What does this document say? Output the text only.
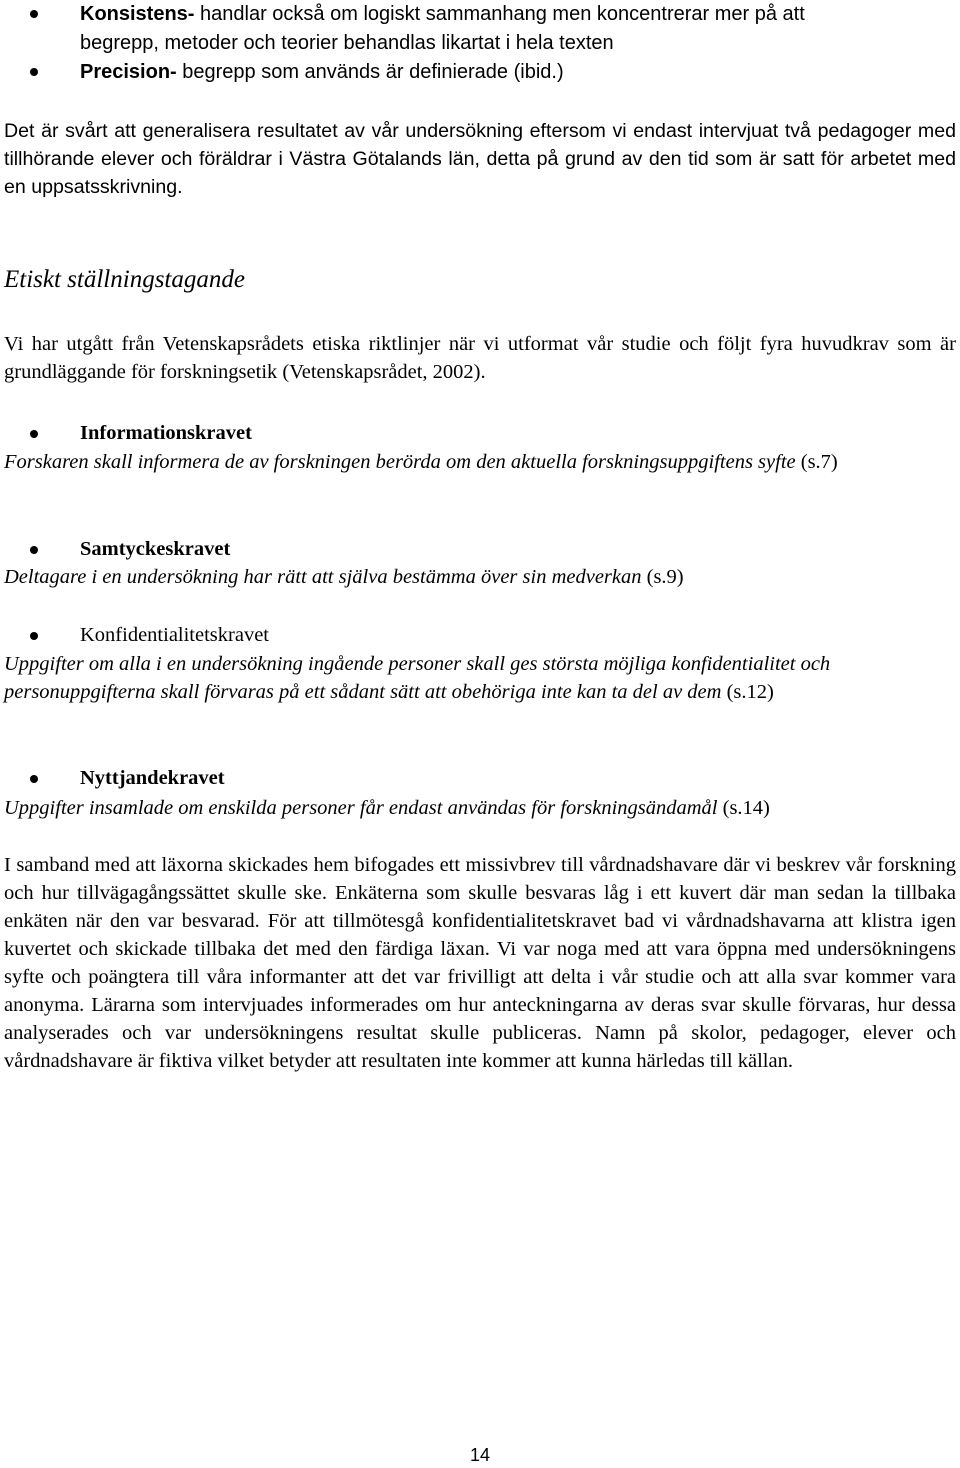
Konsistens- handlar också om logiskt sammanhang men koncentrerar mer på att
begrepp, metoder och teorier behandlas likartat i hela texten
Precision- begrepp som används är definierade (ibid.)

Det är svårt att generalisera resultatet av vår undersökning eftersom vi endast intervjuat två pedagoger med tillhörande elever och föräldrar i Västra Götalands län, detta på grund av den tid som är satt för arbetet med en uppsatsskrivning.

Etiskt ställningstagande

Vi har utgått från Vetenskapsrådets etiska riktlinjer när vi utformat vår studie och följt fyra huvudkrav som är grundläggande för forskningsetik (Vetenskapsrådet, 2002).

Informationskravet

Forskaren skall informera de av forskningen berörda om den aktuella forskningsuppgiftens syfte (s.7)

Samtyckeskravet

Deltagare i en undersökning har rätt att själva bestämma över sin medverkan (s.9)

Konfidentialitetskravet

Uppgifter om alla i en undersökning ingående personer skall ges största möjliga konfidentialitet och personuppgifterna skall förvaras på ett sådant sätt att obehöriga inte kan ta del av dem (s.12)

Nyttjandekravet

Uppgifter insamlade om enskilda personer får endast användas för forskningsändamål (s.14)

I samband med att läxorna skickades hem bifogades ett missivbrev till vårdnadshavare där vi beskrev vår forskning och hur tillvägagångssättet skulle ske. Enkäterna som skulle besvaras låg i ett kuvert där man sedan la tillbaka enkäten när den var besvarad. För att tillmötesgå konfidentialitetskravet bad vi vårdnadshavarna att klistra igen kuvertet och skickade tillbaka det med den färdiga läxan. Vi var noga med att vara öppna med undersökningens syfte och poängtera till våra informanter att det var frivilligt att delta i vår studie och att alla svar kommer vara anonyma. Lärarna som intervjuades informerades om hur anteckningarna av deras svar skulle förvaras, hur dessa analyserades och var undersökningens resultat skulle publiceras. Namn på skolor, pedagoger, elever och vårdnadshavare är fiktiva vilket betyder att resultaten inte kommer att kunna härledas till källan.

14
